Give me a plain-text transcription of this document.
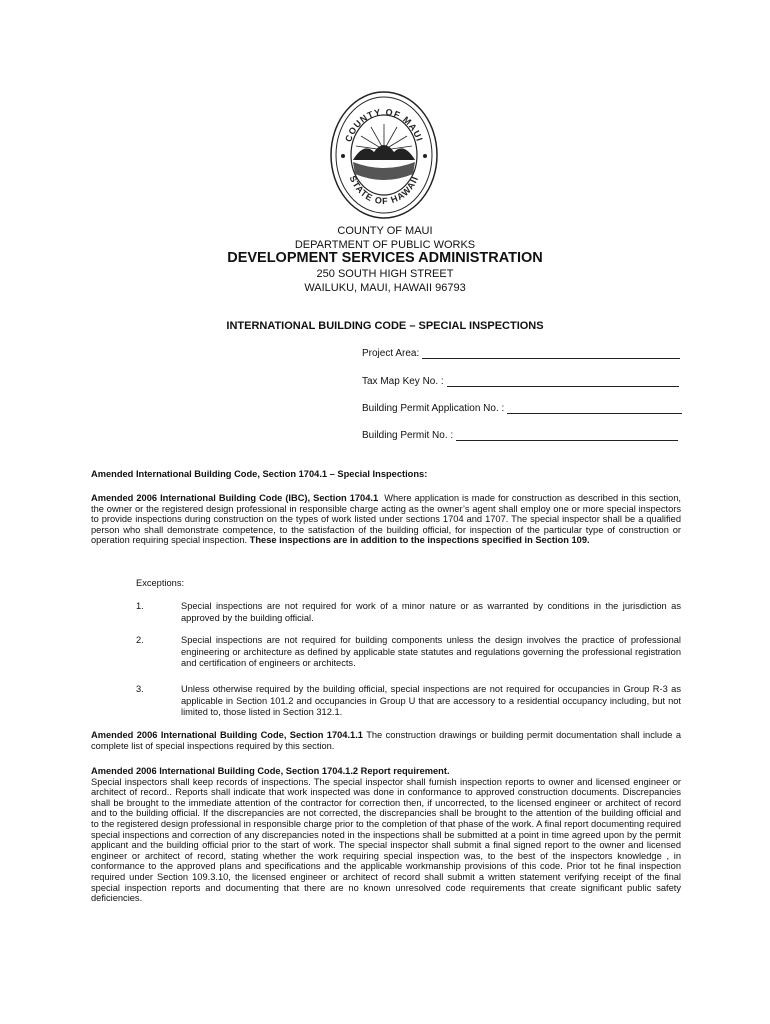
COUNTY OF MAUI
STATE OF HAWAII
COUNTY OF MAUI
DEPARTMENT OF PUBLIC WORKS
DEVELOPMENT SERVICES ADMINISTRATION
250 SOUTH HIGH STREET
WAILUKU, MAUI, HAWAII 96793
INTERNATIONAL BUILDING CODE – SPECIAL INSPECTIONS
Project Area:
Tax Map Key No. :
Building Permit Application No. :
Building Permit No. :
Amended International Building Code, Section 1704.1 – Special Inspections:
Amended 2006 International Building Code (IBC), Section 1704.1 Where application is made for construction as described in this section, the owner or the registered design professional in responsible charge acting as the owner’s agent shall employ one or more special inspectors to provide inspections during construction on the types of work listed under sections 1704 and 1707. The special inspector shall be a qualified person who shall demonstrate competence, to the satisfaction of the building official, for inspection of the particular type of construction or operation requiring special inspection. These inspections are in addition to the inspections specified in Section 109.
Exceptions:
1.	Special inspections are not required for work of a minor nature or as warranted by conditions in the jurisdiction as approved by the building official.
2.	Special inspections are not required for building components unless the design involves the practice of professional engineering or architecture as defined by applicable state statutes and regulations governing the professional registration and certification of engineers or architects.
3.	Unless otherwise required by the building official, special inspections are not required for occupancies in Group R-3 as applicable in Section 101.2 and occupancies in Group U that are accessory to a residential occupancy including, but not limited to, those listed in Section 312.1.
Amended 2006 International Building Code, Section 1704.1.1 The construction drawings or building permit documentation shall include a complete list of special inspections required by this section.
Amended 2006 International Building Code, Section 1704.1.2 Report requirement.
Special inspectors shall keep records of inspections. The special inspector shall furnish inspection reports to owner and licensed engineer or architect of record.. Reports shall indicate that work inspected was done in conformance to approved construction documents. Discrepancies shall be brought to the immediate attention of the contractor for correction then, if uncorrected, to the licensed engineer or architect of record and to the building official. If the discrepancies are not corrected, the discrepancies shall be brought to the attention of the building official and to the registered design professional in responsible charge prior to the completion of that phase of the work. A final report documenting required special inspections and correction of any discrepancies noted in the inspections shall be submitted at a point in time agreed upon by the permit applicant and the building official prior to the start of work. The special inspector shall submit a final signed report to the owner and licensed engineer or architect of record, stating whether the work requiring special inspection was, to the best of the inspectors knowledge , in conformance to the approved plans and specifications and the applicable workmanship provisions of this code. Prior tot he final inspection required under Section 109.3.10, the licensed engineer or architect of record shall submit a written statement verifying receipt of the final special inspection reports and documenting that there are no known unresolved code requirements that create significant public safety deficiencies.
